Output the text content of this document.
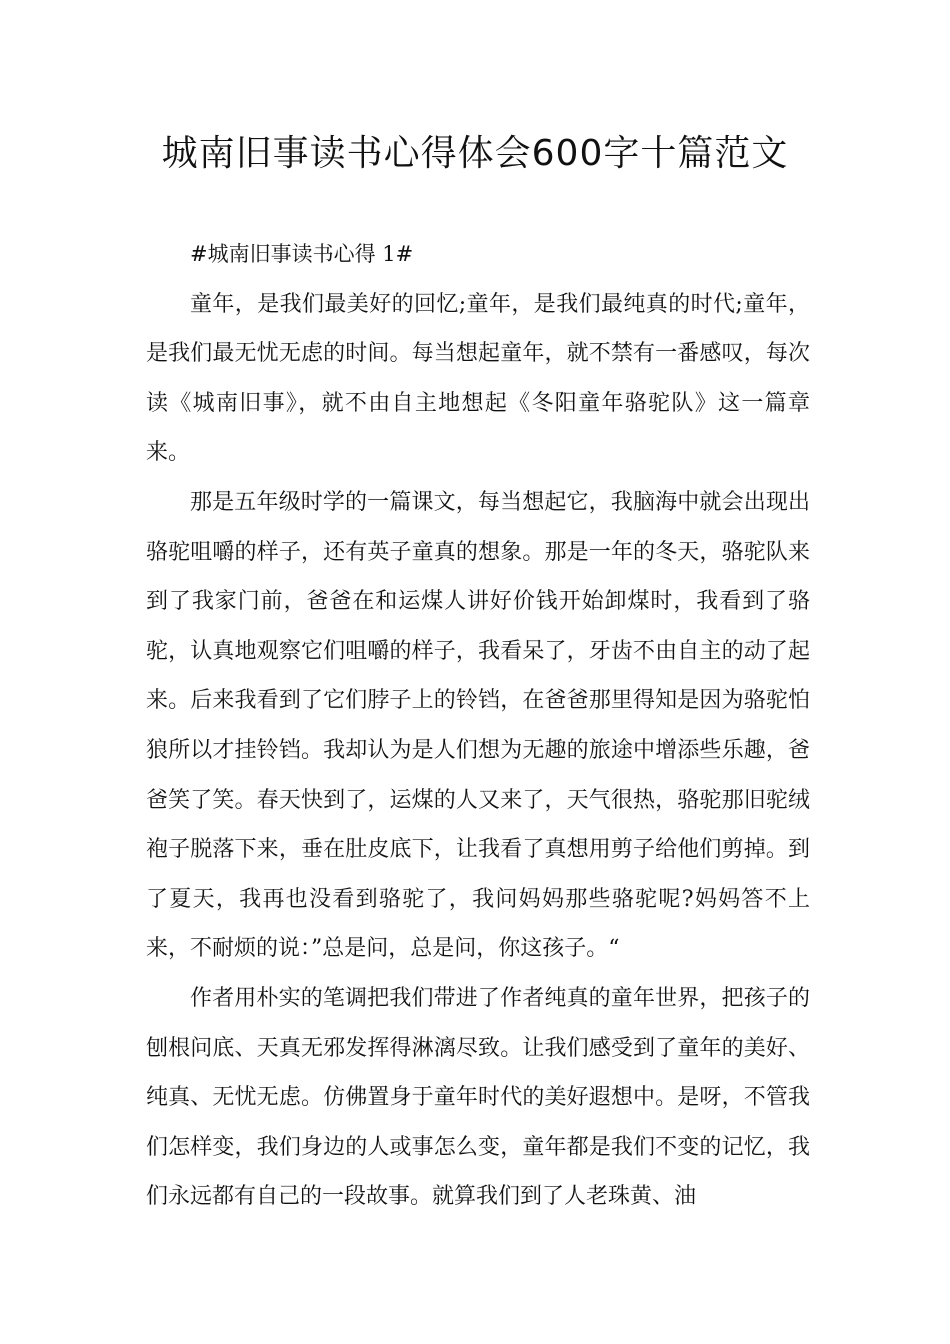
城南旧事读书心得体会600字十篇范文

#城南旧事读书心得 1#

童年，是我们最美好的回忆;童年，是我们最纯真的时代;童年，是我们最无忧无虑的时间。每当想起童年，就不禁有一番感叹，每次读《城南旧事》，就不由自主地想起《冬阳童年骆驼队》这一篇章来。

那是五年级时学的一篇课文，每当想起它，我脑海中就会出现出骆驼咀嚼的样子，还有英子童真的想象。那是一年的冬天，骆驼队来到了我家门前，爸爸在和运煤人讲好价钱开始卸煤时，我看到了骆驼，认真地观察它们咀嚼的样子，我看呆了，牙齿不由自主的动了起来。后来我看到了它们脖子上的铃铛，在爸爸那里得知是因为骆驼怕狼所以才挂铃铛。我却认为是人们想为无趣的旅途中增添些乐趣，爸爸笑了笑。春天快到了，运煤的人又来了，天气很热，骆驼那旧驼绒袍子脱落下来，垂在肚皮底下，让我看了真想用剪子给他们剪掉。到了夏天，我再也没看到骆驼了，我问妈妈那些骆驼呢?妈妈答不上来，不耐烦的说：”总是问，总是问，你这孩子。“

作者用朴实的笔调把我们带进了作者纯真的童年世界，把孩子的刨根问底、天真无邪发挥得淋漓尽致。让我们感受到了童年的美好、纯真、无忧无虑。仿佛置身于童年时代的美好遐想中。是呀，不管我们怎样变，我们身边的人或事怎么变，童年都是我们不变的记忆，我们永远都有自己的一段故事。就算我们到了人老珠黄、油
